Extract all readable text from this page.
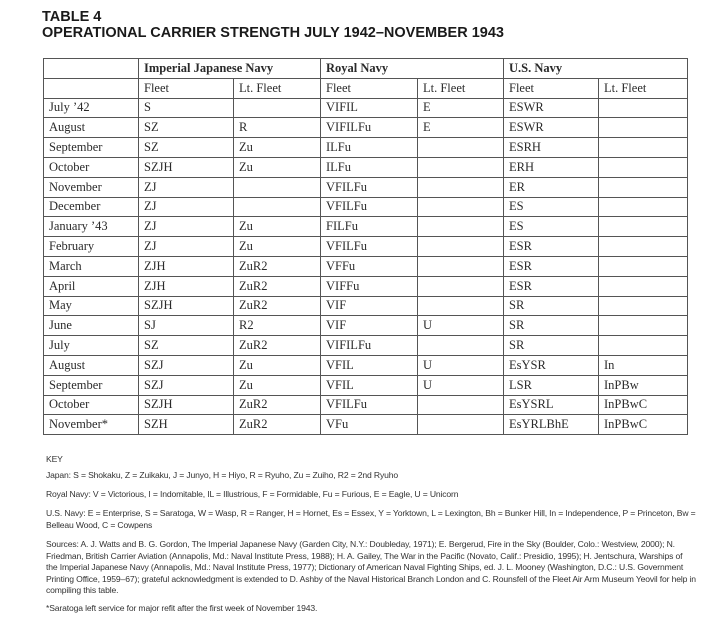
TABLE 4
OPERATIONAL CARRIER STRENGTH JULY 1942–NOVEMBER 1943
	Imperial Japanese Navy		Royal Navy		U.S. Navy	
	Fleet	Lt. Fleet	Fleet	Lt. Fleet	Fleet	Lt. Fleet
July ’42	S		VIFIL	E	ESWR	
August	SZ	R	VIFILFu	E	ESWR	
September	SZ	Zu	ILFu		ESRH	
October	SZJH	Zu	ILFu		ERH	
November	ZJ		VFILFu		ER	
December	ZJ		VFILFu		ES	
January ’43	ZJ	Zu	FILFu		ES	
February	ZJ	Zu	VFILFu		ESR	
March	ZJH	ZuR2	VFFu		ESR	
April	ZJH	ZuR2	VIFFu		ESR	
May	SZJH	ZuR2	VIF		SR	
June	SJ	R2	VIF	U	SR	
July	SZ	ZuR2	VIFILFu		SR	
August	SZJ	Zu	VFIL	U	EsYSR	In
September	SZJ	Zu	VFIL	U	LSR	InPBw
October	SZJH	ZuR2	VFILFu		EsYSRL	InPBwC
November*	SZH	ZuR2	VFu		EsYRLBhE	InPBwC
KEY
Japan: S = Shokaku, Z = Zuikaku, J = Junyo, H = Hiyo, R = Ryuho, Zu = Zuiho, R2 = 2nd Ryuho
Royal Navy: V = Victorious, I = Indomitable, IL = Illustrious, F = Formidable, Fu = Furious, E = Eagle, U = Unicorn
U.S. Navy: E = Enterprise, S = Saratoga, W = Wasp, R = Ranger, H = Hornet, Es = Essex, Y = Yorktown, L = Lexington, Bh = Bunker Hill, In = Independence, P = Princeton, Bw = Belleau Wood, C = Cowpens
Sources: A. J. Watts and B. G. Gordon, The Imperial Japanese Navy (Garden City, N.Y.: Doubleday, 1971); E. Bergerud, Fire in the Sky (Boulder, Colo.: Westview, 2000); N. Friedman, British Carrier Aviation (Annapolis, Md.: Naval Institute Press, 1988); H. A. Gailey, The War in the Pacific (Novato, Calif.: Presidio, 1995); H. Jentschura, Warships of the Imperial Japanese Navy (Annapolis, Md.: Naval Institute Press, 1977); Dictionary of American Naval Fighting Ships, ed. J. L. Mooney (Washington, D.C.: U.S. Government Printing Office, 1959–67); grateful acknowledgment is extended to D. Ashby of the Naval Historical Branch London and C. Rounsfell of the Fleet Air Arm Museum Yeovil for help in compiling this table.
*Saratoga left service for major refit after the first week of November 1943.
